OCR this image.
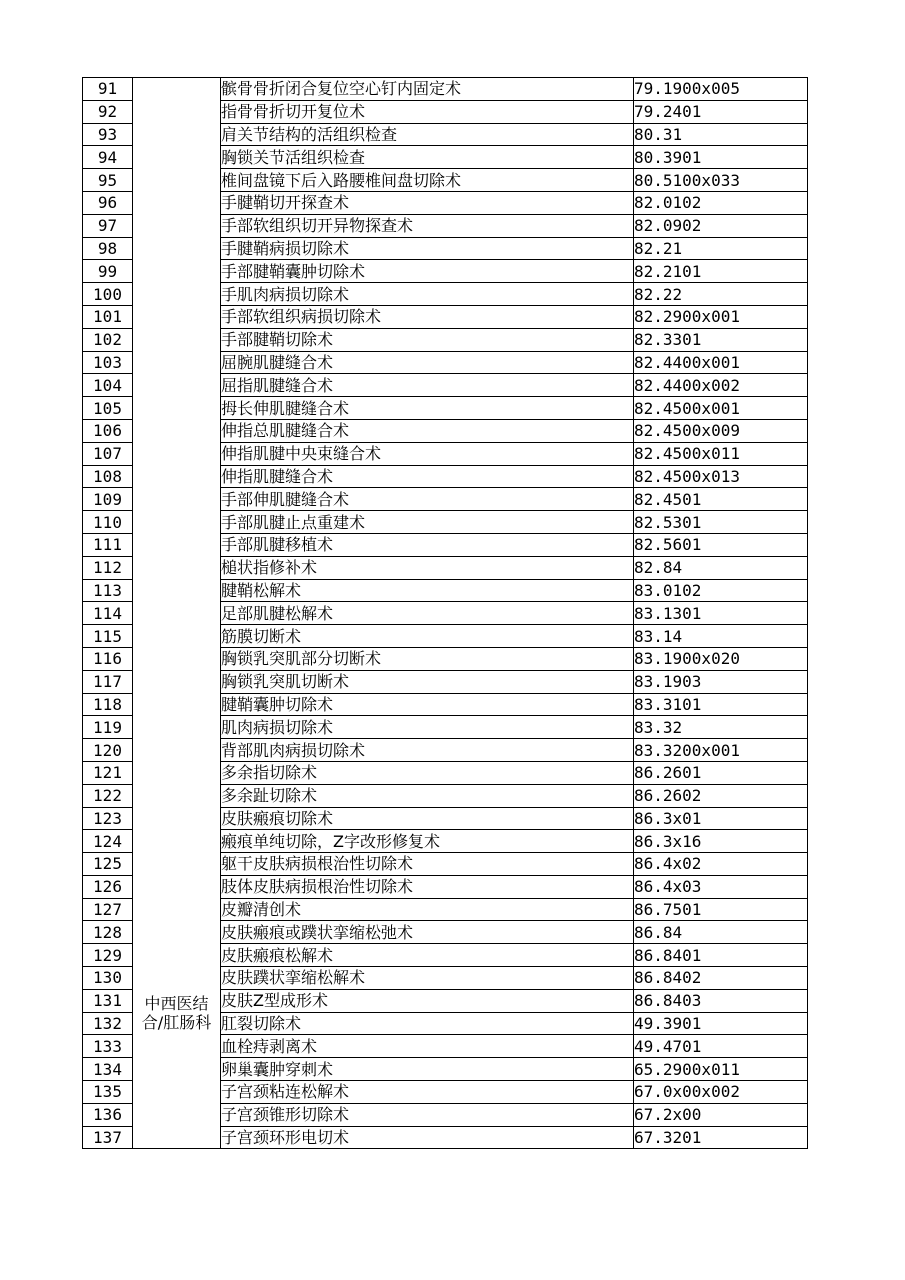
91		髌骨骨折闭合复位空心钉内固定术	79.1900x005
92		指骨骨折切开复位术	79.2401
93		肩关节结构的活组织检查	80.31
94		胸锁关节活组织检查	80.3901
95		椎间盘镜下后入路腰椎间盘切除术	80.5100x033
96		手腱鞘切开探查术	82.0102
97		手部软组织切开异物探查术	82.0902
98		手腱鞘病损切除术	82.21
99		手部腱鞘囊肿切除术	82.2101
100		手肌肉病损切除术	82.22
101		手部软组织病损切除术	82.2900x001
102		手部腱鞘切除术	82.3301
103		屈腕肌腱缝合术	82.4400x001
104		屈指肌腱缝合术	82.4400x002
105		拇长伸肌腱缝合术	82.4500x001
106		伸指总肌腱缝合术	82.4500x009
107		伸指肌腱中央束缝合术	82.4500x011
108		伸指肌腱缝合术	82.4500x013
109		手部伸肌腱缝合术	82.4501
110		手部肌腱止点重建术	82.5301
111		手部肌腱移植术	82.5601
112		槌状指修补术	82.84
113		腱鞘松解术	83.0102
114		足部肌腱松解术	83.1301
115		筋膜切断术	83.14
116		胸锁乳突肌部分切断术	83.1900x020
117		胸锁乳突肌切断术	83.1903
118		腱鞘囊肿切除术	83.3101
119		肌肉病损切除术	83.32
120		背部肌肉病损切除术	83.3200x001
121		多余指切除术	86.2601
122		多余趾切除术	86.2602
123		皮肤瘢痕切除术	86.3x01
124		瘢痕单纯切除，Z字改形修复术	86.3x16
125		躯干皮肤病损根治性切除术	86.4x02
126		肢体皮肤病损根治性切除术	86.4x03
127		皮瓣清创术	86.7501
128		皮肤瘢痕或蹼状挛缩松弛术	86.84
129		皮肤瘢痕松解术	86.8401
130		皮肤蹼状挛缩松解术	86.8402
131	中西医结合/肛肠科	皮肤Z型成形术	86.8403
132		肛裂切除术	49.3901
133		血栓痔剥离术	49.4701
134		卵巢囊肿穿刺术	65.2900x011
135		子宫颈粘连松解术	67.0x00x002
136		子宫颈锥形切除术	67.2x00
137		子宫颈环形电切术	67.3201
